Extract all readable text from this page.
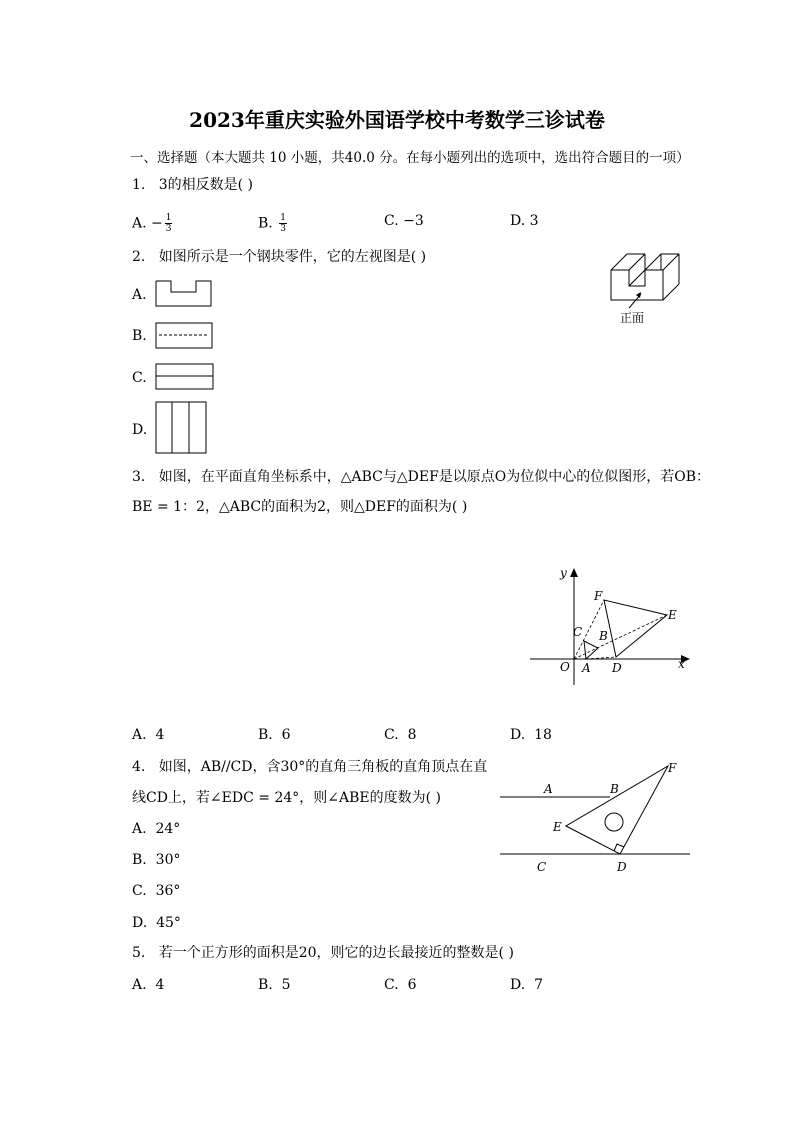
2023年重庆实验外国语学校中考数学三诊试卷
一、选择题（本大题共 10 小题，共40.0 分。在每小题列出的选项中，选出符合题目的一项）
1. 3的相反数是( )
A. − $\frac{1}{3}$	B. $\frac{1}{3}$	C. −3	D. 3
2. 如图所示是一个钢块零件，它的左视图是( )
正面
A.
B.
C.
D.
3. 如图，在平面直角坐标系中，△ABC与△DEF是以原点O为位似中心的位似图形，若OB：
BE = 1：2，△ABC的面积为2，则△DEF的面积为( )
y
x
O
F
E
C B
A D
A. 4	B. 6	C. 8	D. 18
4. 如图，AB//CD，含30°的直角三角板的直角顶点在直
线CD上，若∠EDC = 24°，则∠ABE的度数为( )
A	B
F
E
C	D
A. 24°
B. 30°
C. 36°
D. 45°
5. 若一个正方形的面积是20，则它的边长最接近的整数是( )
A. 4	B. 5	C. 6	D. 7
